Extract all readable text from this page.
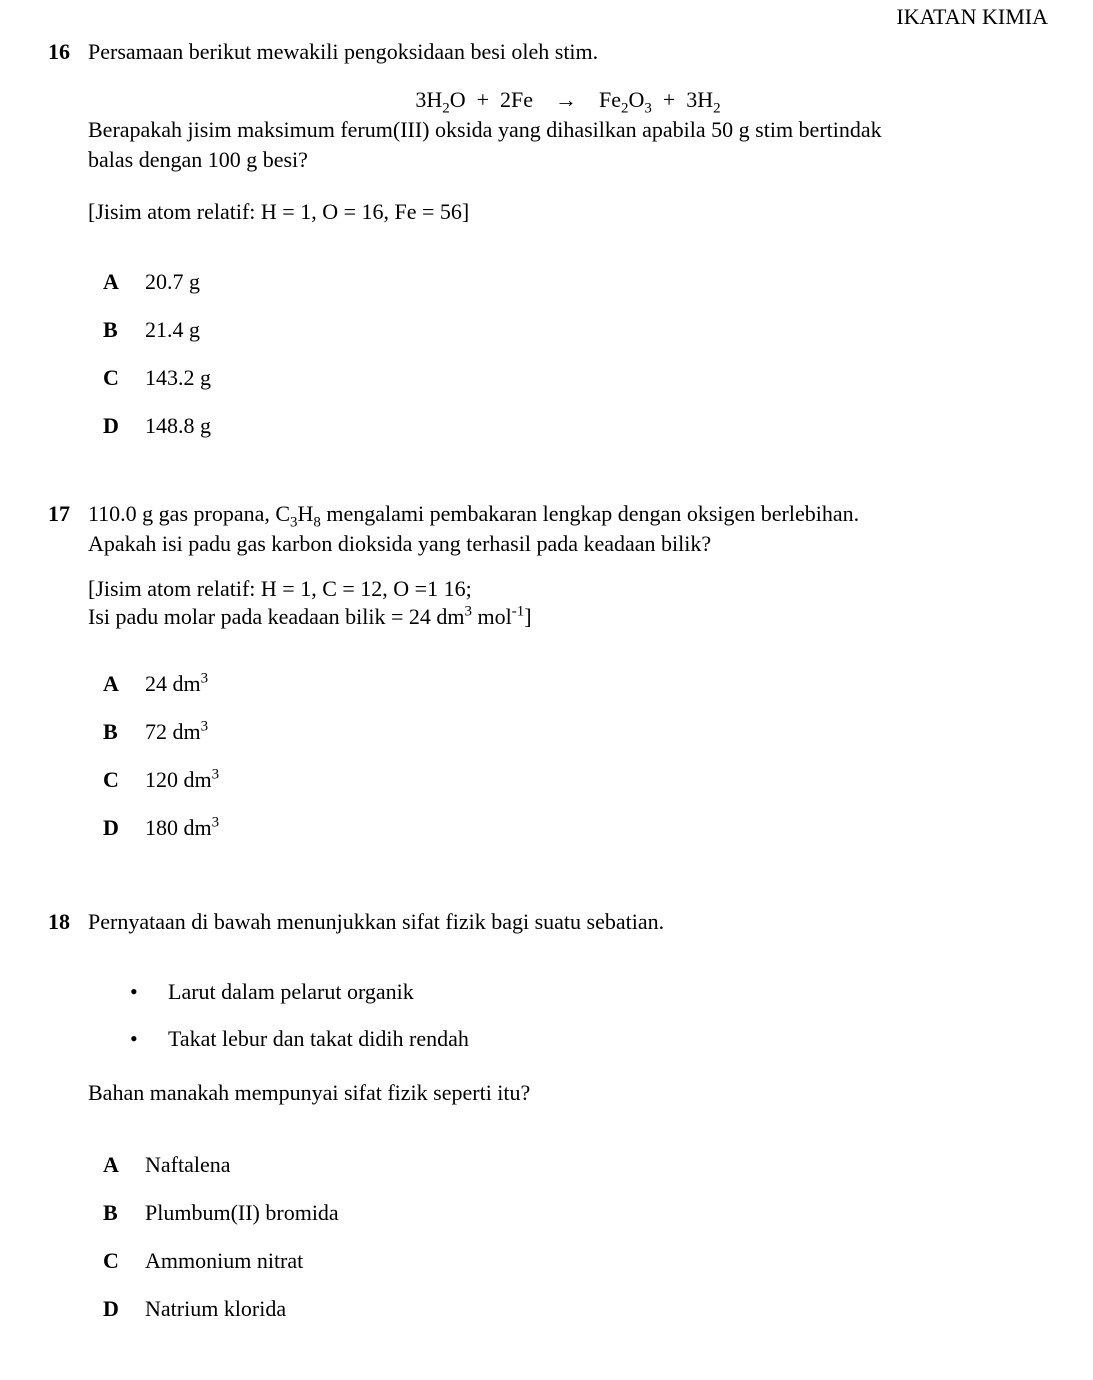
IKATAN KIMIA
16 Persamaan berikut mewakili pengoksidaan besi oleh stim.
$3H_2O + 2Fe$    →    $Fe_2O_3 + 3H_2$
Berapakah jisim maksimum ferum(III) oksida yang dihasilkan apabila 50 g stim bertindak
balas dengan 100 g besi?
[Jisim atom relatif: H = 1, O = 16, Fe = 56]
A	20.7 g
B	21.4 g
C	143.2 g
D	148.8 g
17 110.0 g gas propana, $C_3H_8$ mengalami pembakaran lengkap dengan oksigen berlebihan.
Apakah isi padu gas karbon dioksida yang terhasil pada keadaan bilik?
[Jisim atom relatif: H = 1, C = 12, O =1 16;
Isi padu molar pada keadaan bilik = 24 $dm^3$ mol$^{-1}$]
A	24 $dm^3$
B	72 $dm^3$
C	120 $dm^3$
D	180 $dm^3$
18 Pernyataan di bawah menunjukkan sifat fizik bagi suatu sebatian.
•	Larut dalam pelarut organik
•	Takat lebur dan takat didih rendah
Bahan manakah mempunyai sifat fizik seperti itu?
A	Naftalena
B	Plumbum(II) bromida
C	Ammonium nitrat
D	Natrium klorida
